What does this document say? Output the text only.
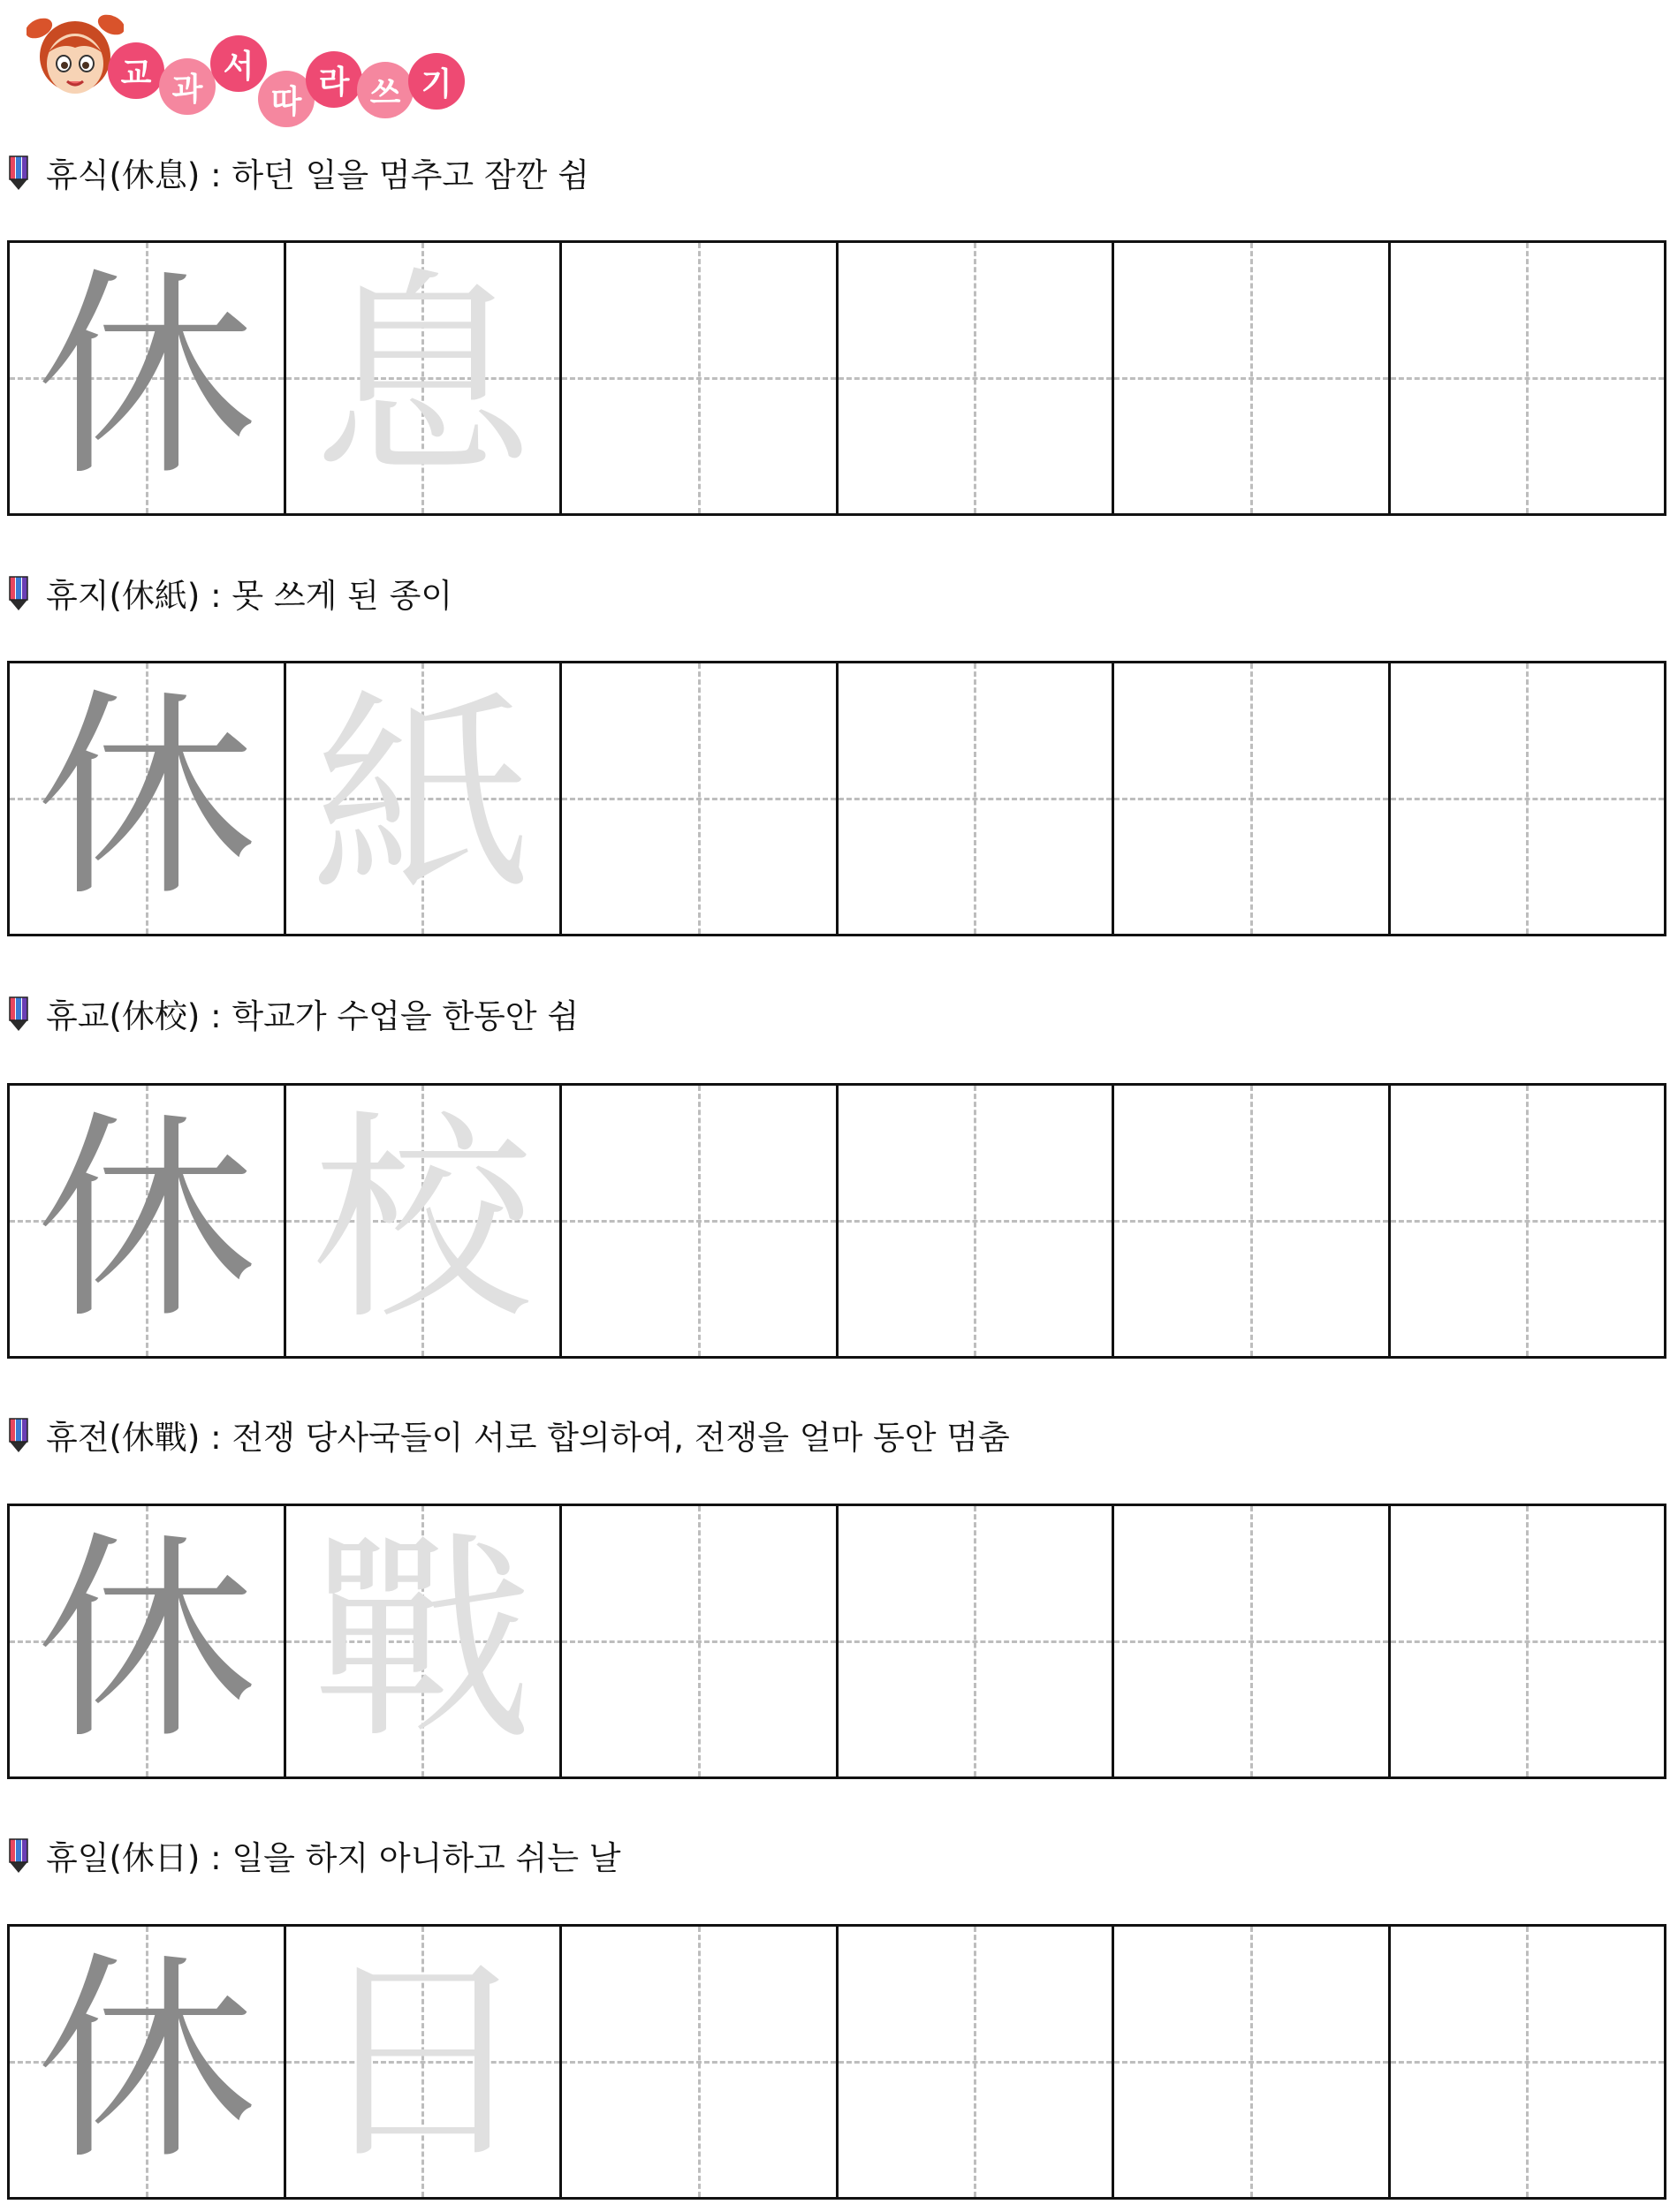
교 과
서
따
라 쓰 기
휴식(休息) : 하던 일을 멈추고 잠깐 쉼
休 息
휴지(休紙) : 못 쓰게 된 종이
休 紙
휴교(休校) : 학교가 수업을 한동안 쉼
休 校
휴전(休戰) : 전쟁 당사국들이 서로 합의하여, 전쟁을 얼마 동안 멈춤
休 戰
휴일(休日) : 일을 하지 아니하고 쉬는 날
休 日
